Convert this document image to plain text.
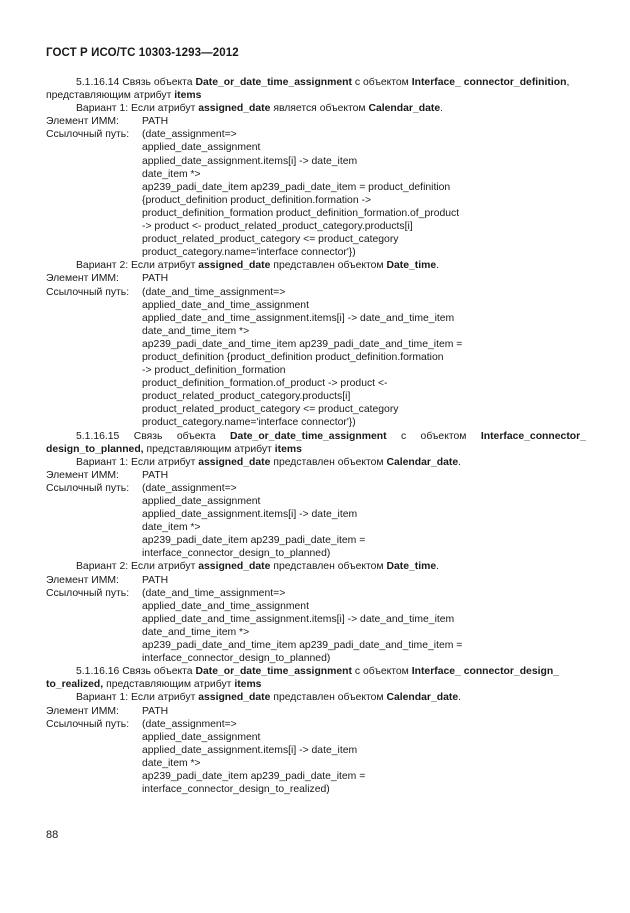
ГОСТ Р ИСО/ТС 10303-1293—2012
5.1.16.14 Связь объекта Date_or_date_time_assignment с объектом Interface_ connector_definition,
представляющим атрибут items
Вариант 1: Если атрибут assigned_date является объектом Calendar_date.
Элемент ИММ: PATH
Ссылочный путь: (date_assignment=>
applied_date_assignment
applied_date_assignment.items[i] -> date_item
date_item *>
ap239_padi_date_item ap239_padi_date_item = product_definition
{product_definition product_definition.formation ->
product_definition_formation product_definition_formation.of_product
-> product <- product_related_product_category.products[i]
product_related_product_category <= product_category
product_category.name='interface connector'})
Вариант 2: Если атрибут assigned_date представлен объектом Date_time.
Элемент ИММ: PATH
Ссылочный путь: (date_and_time_assignment=>
applied_date_and_time_assignment
applied_date_and_time_assignment.items[i] -> date_and_time_item
date_and_time_item *>
ap239_padi_date_and_time_item ap239_padi_date_and_time_item =
product_definition {product_definition product_definition.formation
-> product_definition_formation
product_definition_formation.of_product -> product <-
product_related_product_category.products[i]
product_related_product_category <= product_category
product_category.name='interface connector'})
5.1.16.15 Связь объекта Date_or_date_time_assignment с объектом Interface_connector_
design_to_planned, представляющим атрибут items
Вариант 1: Если атрибут assigned_date представлен объектом Calendar_date.
Элемент ИММ: PATH
Ссылочный путь: (date_assignment=>
applied_date_assignment
applied_date_assignment.items[i] -> date_item
date_item *>
ap239_padi_date_item ap239_padi_date_item =
interface_connector_design_to_planned)
Вариант 2: Если атрибут assigned_date представлен объектом Date_time.
Элемент ИММ: PATH
Ссылочный путь: (date_and_time_assignment=>
applied_date_and_time_assignment
applied_date_and_time_assignment.items[i] -> date_and_time_item
date_and_time_item *>
ap239_padi_date_and_time_item ap239_padi_date_and_time_item =
interface_connector_design_to_planned)
5.1.16.16 Связь объекта Date_or_date_time_assignment с объектом Interface_ connector_design_
to_realized, представляющим атрибут items
Вариант 1: Если атрибут assigned_date представлен объектом Calendar_date.
Элемент ИММ: PATH
Ссылочный путь: (date_assignment=>
applied_date_assignment
applied_date_assignment.items[i] -> date_item
date_item *>
ap239_padi_date_item ap239_padi_date_item =
interface_connector_design_to_realized)
88
